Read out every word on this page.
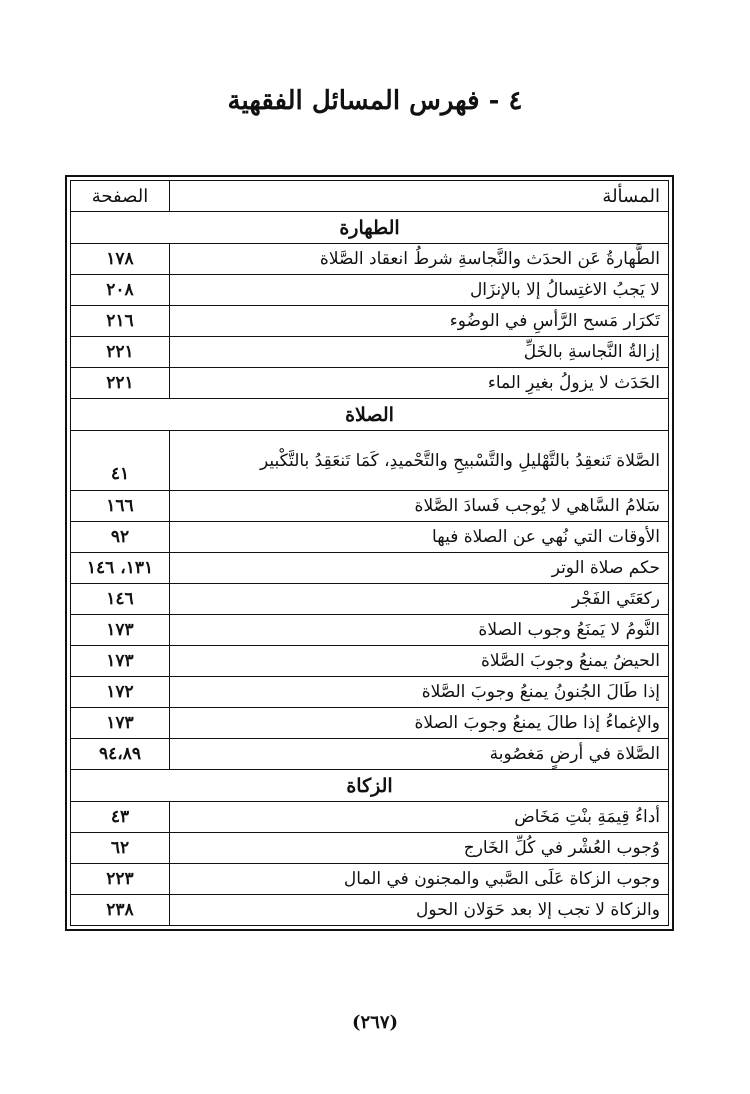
٤ - فهرس المسائل الفقهية
المسألة	الصفحة
الطهارة	
الطَّهارةُ عَن الحدَث والنَّجاسةِ شرطُ انعقاد الصَّلاة	١٧٨
لا يَجبُ الاغتِسالُ إلا بالإنزَال	٢٠٨
تَكرَار مَسح الرَّأسِ في الوضُوء	٢١٦
إزالةُ النَّجاسةِ بالخَلِّ	٢٢١
الحَدَث لا يزولُ بغيرِ الماء	٢٢١
الصلاة	
الصَّلاة تَنعقِدُ بالتَّهْليلِ والتَّسْبيحِ والتَّحْميدِ، كَمَا تَنعَقِدُ بالتَّكْبير	٤١
سَلامُ السَّاهي لا يُوجب فَسادَ الصَّلاة	١٦٦
الأوقات التي نُهي عن الصلاة فيها	٩٢
حكم صلاة الوتر	١٣١، ١٤٦
ركعَتَي الفَجْر	١٤٦
النَّومُ لا يَمنَعُ وجوب الصلاة	١٧٣
الحيضُ يمنعُ وجوبَ الصَّلاة	١٧٣
إذا طَالَ الجُنونُ يمنعُ وجوبَ الصَّلاة	١٧٢
والإغماءُ إذا طالَ يمنعُ وجوبَ الصلاة	١٧٣
الصَّلاة في أرضٍ مَغصُوبة	٩٤،٨٩
الزكاة	
أداءُ قِيمَةِ بنْتِ مَخَاض	٤٣
وُجوب العُشْر في كُلِّ الخَارج	٦٢
وجوب الزكاة عَلَى الصَّبي والمجنون في المال	٢٢٣
والزكاة لا تجب إلا بعد حَوَلان الحول	٢٣٨
(٢٦٧)
